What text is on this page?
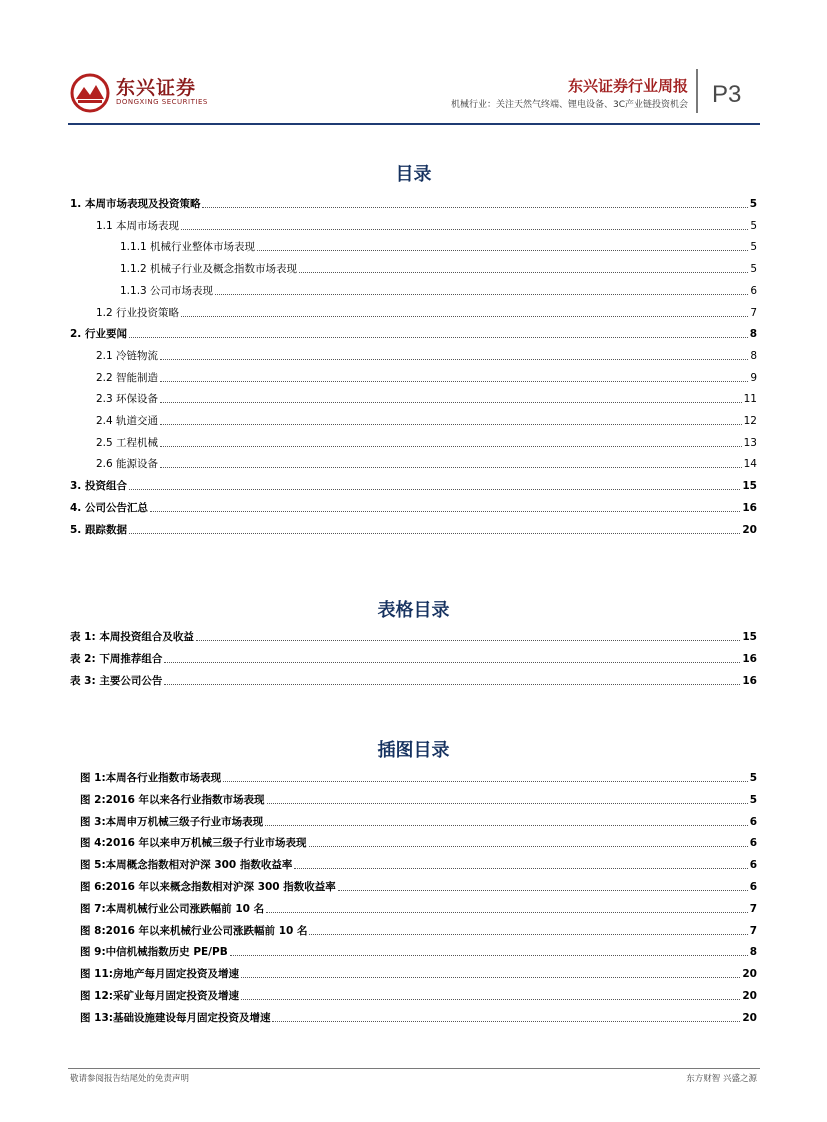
东兴证券
DONGXING SECURITIES
东兴证券行业周报
机械行业：关注天然气终端、锂电设备、3C产业链投资机会 P3
目录
1. 本周市场表现及投资策略	5
1.1 本周市场表现	5
1.1.1 机械行业整体市场表现	5
1.1.2 机械子行业及概念指数市场表现	5
1.1.3 公司市场表现	6
1.2 行业投资策略	7
2. 行业要闻	8
2.1 冷链物流	8
2.2 智能制造	9
2.3 环保设备	11
2.4 轨道交通	12
2.5 工程机械	13
2.6 能源设备	14
3. 投资组合	15
4. 公司公告汇总	16
5. 跟踪数据	20
表格目录
表 1: 本周投资组合及收益	15
表 2: 下周推荐组合	16
表 3: 主要公司公告	16
插图目录
图 1:本周各行业指数市场表现	5
图 2:2016 年以来各行业指数市场表现	5
图 3:本周申万机械三级子行业市场表现	6
图 4:2016 年以来申万机械三级子行业市场表现	6
图 5:本周概念指数相对沪深 300 指数收益率	6
图 6:2016 年以来概念指数相对沪深 300 指数收益率	6
图 7:本周机械行业公司涨跌幅前 10 名	7
图 8:2016 年以来机械行业公司涨跌幅前 10 名	7
图 9:中信机械指数历史 PE/PB	8
图 11:房地产每月固定投资及增速	20
图 12:采矿业每月固定投资及增速	20
图 13:基础设施建设每月固定投资及增速	20
敬请参阅报告结尾处的免责声明	东方财智 兴盛之源
